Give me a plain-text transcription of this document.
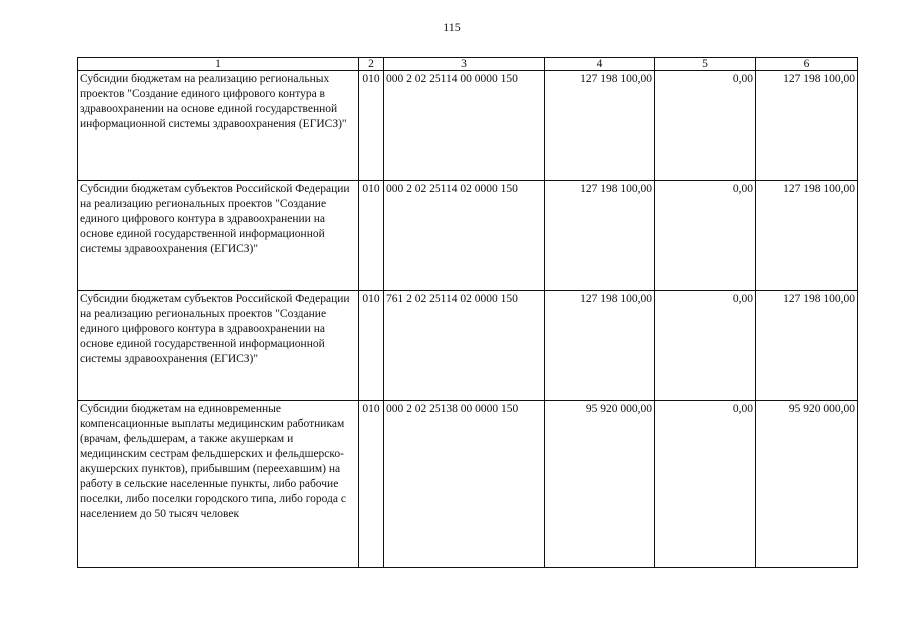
115
1	2	3	4	5	6
Субсидии бюджетам на реализацию региональных проектов "Создание единого цифрового контура в здравоохранении на основе единой государственной информационной системы здравоохранения (ЕГИСЗ)"	010	000 2 02 25114 00 0000 150	127 198 100,00	0,00	127 198 100,00
Субсидии бюджетам субъектов Российской Федерации на реализацию региональных проектов "Создание единого цифрового контура в здравоохранении на основе единой государственной информационной системы здравоохранения (ЕГИСЗ)"	010	000 2 02 25114 02 0000 150	127 198 100,00	0,00	127 198 100,00
Субсидии бюджетам субъектов Российской Федерации на реализацию региональных проектов "Создание единого цифрового контура в здравоохранении на основе единой государственной информационной системы здравоохранения (ЕГИСЗ)"	010	761 2 02 25114 02 0000 150	127 198 100,00	0,00	127 198 100,00
Субсидии бюджетам на единовременные компенсационные выплаты медицинским работникам (врачам, фельдшерам, а также акушеркам и медицинским сестрам фельдшерских и фельдшерско-акушерских пунктов), прибывшим (переехавшим) на работу в сельские населенные пункты, либо рабочие поселки, либо поселки городского типа, либо города с населением до 50 тысяч человек	010	000 2 02 25138 00 0000 150	95 920 000,00	0,00	95 920 000,00
